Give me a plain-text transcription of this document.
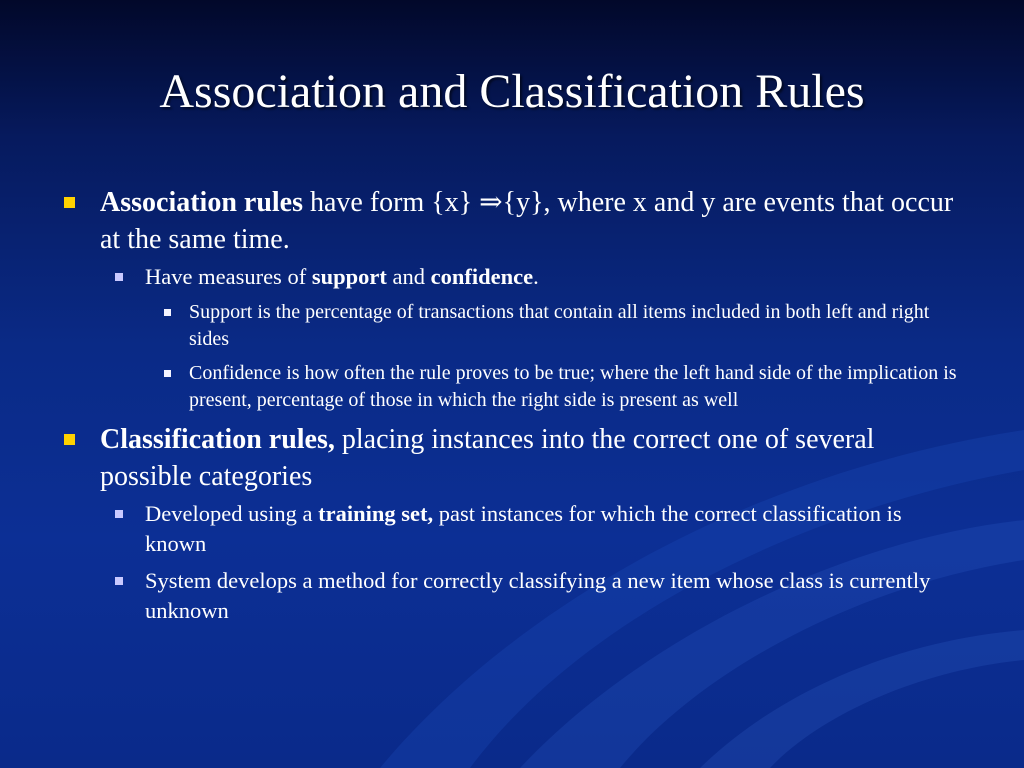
Association and Classification Rules
Association rules have form {x} ⇒{y}, where x and y are events that occur at the same time.
Have measures of support and confidence.
Support is the percentage of transactions that contain all items included in both left and right sides
Confidence is how often the rule proves to be true; where the left hand side of the implication is present, percentage of those in which the right side is present as well
Classification rules, placing instances into the correct one of several possible categories
Developed using a training set, past instances for which the correct classification is known
System develops a method for correctly classifying a new item whose class is currently unknown
